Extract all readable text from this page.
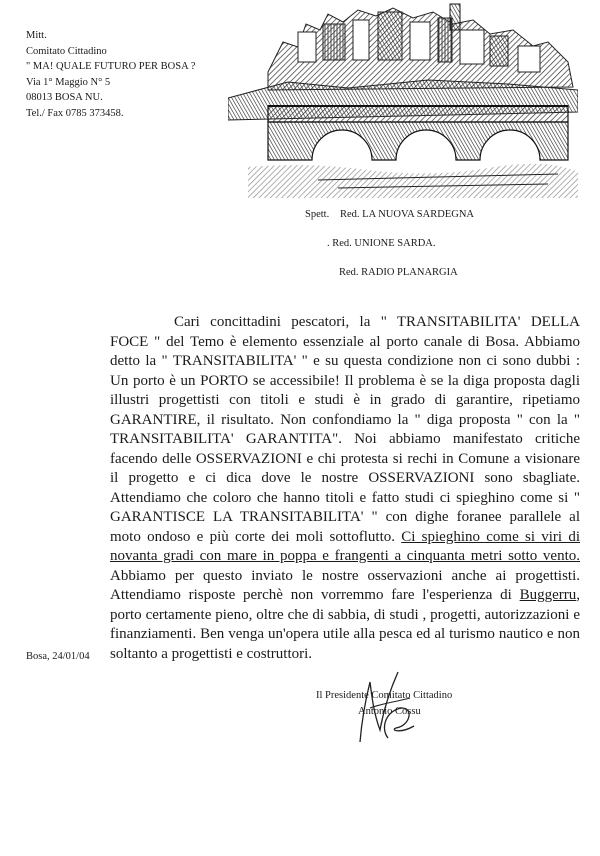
Mitt.
Comitato Cittadino
" MA! QUALE FUTURO PER BOSA ?
Via 1° Maggio N° 5
08013 BOSA NU.
Tel./ Fax 0785 373458.
Spett. Red. LA NUOVA SARDEGNA
. Red. UNIONE SARDA.
Red. RADIO PLANARGIA

Cari concittadini pescatori, la " TRANSITABILITA' DELLA FOCE " del Temo è elemento essenziale al porto canale di Bosa. Abbiamo detto la " TRANSITABILITA' " e su questa condizione non ci sono dubbi : Un porto è un PORTO se accessibile! Il problema è se la diga proposta dagli illustri progettisti con titoli e studi è in grado di garantire, ripetiamo GARANTIRE, il risultato. Non confondiamo la " diga proposta " con la " TRANSITABILITA' GARANTITA". Noi abbiamo manifestato critiche facendo delle OSSERVAZIONI e chi protesta si rechi in Comune a visionare il progetto e ci dica dove le nostre OSSERVAZIONI sono sbagliate. Attendiamo che coloro che hanno titoli e fatto studi ci spieghino come si " GARANTISCE LA TRANSITABILITA' " con dighe foranee parallele al moto ondoso e più corte dei moli sottoflutto. Ci spieghino come si viri di novanta gradi con mare in poppa e frangenti a cinquanta metri sotto vento. Abbiamo per questo inviato le nostre osservazioni anche ai progettisti. Attendiamo risposte perchè non vorremmo fare l'esperienza di Buggerru, porto certamente pieno, oltre che di sabbia, di studi , progetti, autorizzazioni e finanziamenti. Ben venga un'opera utile alla pesca ed al turismo nautico e non soltanto a progettisti e costruttori.

Bosa, 24/01/04
Il Presidente Comitato Cittadino
Antonio Cossu
